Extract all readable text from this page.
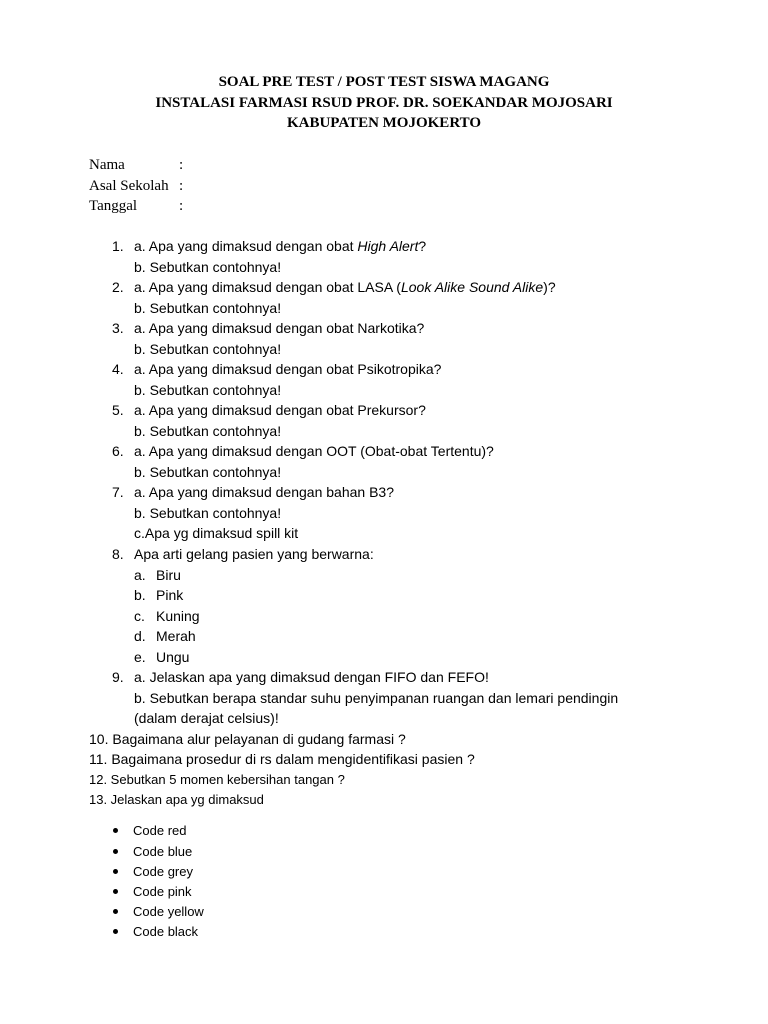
SOAL PRE TEST / POST TEST SISWA MAGANG
INSTALASI FARMASI RSUD PROF. DR. SOEKANDAR MOJOSARI
KABUPATEN MOJOKERTO
Nama	:
Asal Sekolah :
Tanggal	:
1. a. Apa yang dimaksud dengan obat High Alert?
b. Sebutkan contohnya!
2. a. Apa yang dimaksud dengan obat LASA (Look Alike Sound Alike)?
b. Sebutkan contohnya!
3. a. Apa yang dimaksud dengan obat Narkotika?
b. Sebutkan contohnya!
4. a. Apa yang dimaksud dengan obat Psikotropika?
b. Sebutkan contohnya!
5. a. Apa yang dimaksud dengan obat Prekursor?
b. Sebutkan contohnya!
6. a. Apa yang dimaksud dengan OOT (Obat-obat Tertentu)?
b. Sebutkan contohnya!
7. a. Apa yang dimaksud dengan bahan B3?
b. Sebutkan contohnya!
c.Apa yg dimaksud spill kit
8. Apa arti gelang pasien yang berwarna:
a. Biru
b. Pink
c. Kuning
d. Merah
e. Ungu
9. a. Jelaskan apa yang dimaksud dengan FIFO dan FEFO!
b. Sebutkan berapa standar suhu penyimpanan ruangan dan lemari pendingin
(dalam derajat celsius)!
10. Bagaimana alur pelayanan di gudang farmasi ?
11. Bagaimana prosedur di rs dalam mengidentifikasi pasien ?
12. Sebutkan 5 momen kebersihan tangan ?
13. Jelaskan apa yg dimaksud
Code red
Code blue
Code grey
Code pink
Code yellow
Code black
